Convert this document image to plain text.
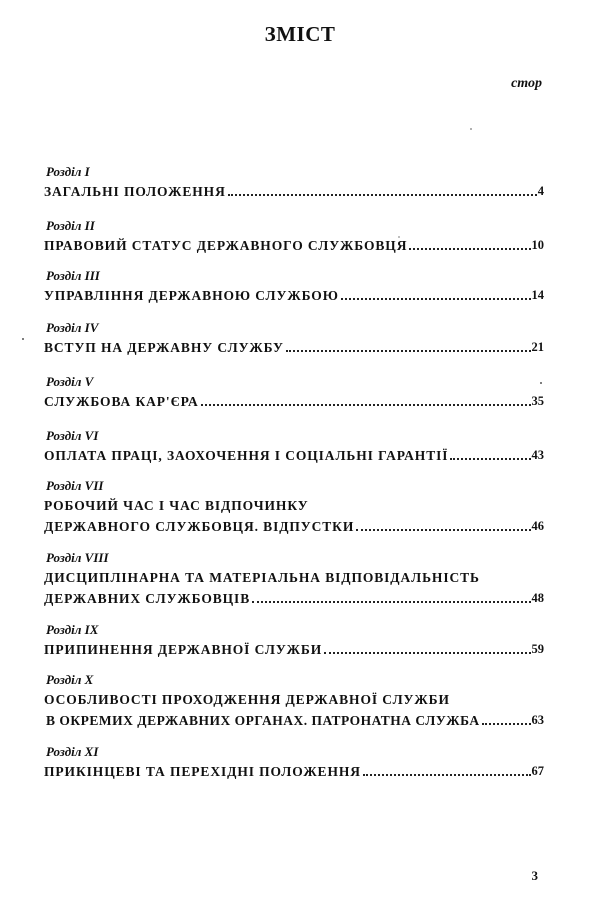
ЗМІСТ
стор
Розділ І
ЗАГАЛЬНІ ПОЛОЖЕННЯ	4
Розділ ІІ
ПРАВОВИЙ СТАТУС ДЕРЖАВНОГО СЛУЖБОВЦЯ	10
Розділ ІІІ
УПРАВЛІННЯ ДЕРЖАВНОЮ СЛУЖБОЮ	14
Розділ IV
ВСТУП НА ДЕРЖАВНУ СЛУЖБУ	21
Розділ V
СЛУЖБОВА КАР'ЄРА	35
Розділ VI
ОПЛАТА ПРАЦІ, ЗАОХОЧЕННЯ І СОЦІАЛЬНІ ГАРАНТІЇ	43
Розділ VII
РОБОЧИЙ ЧАС І ЧАС ВІДПОЧИНКУ
ДЕРЖАВНОГО СЛУЖБОВЦЯ. ВІДПУСТКИ	46
Розділ VIII
ДИСЦИПЛІНАРНА ТА МАТЕРІАЛЬНА ВІДПОВІДАЛЬНІСТЬ
ДЕРЖАВНИХ СЛУЖБОВЦІВ	48
Розділ ІХ
ПРИПИНЕННЯ ДЕРЖАВНОЇ СЛУЖБИ	59
Розділ Х
ОСОБЛИВОСТІ ПРОХОДЖЕННЯ ДЕРЖАВНОЇ СЛУЖБИ
В ОКРЕМИХ ДЕРЖАВНИХ ОРГАНАХ. ПАТРОНАТНА СЛУЖБА	63
Розділ ХІ
ПРИКІНЦЕВІ ТА ПЕРЕХІДНІ ПОЛОЖЕННЯ	67
3
